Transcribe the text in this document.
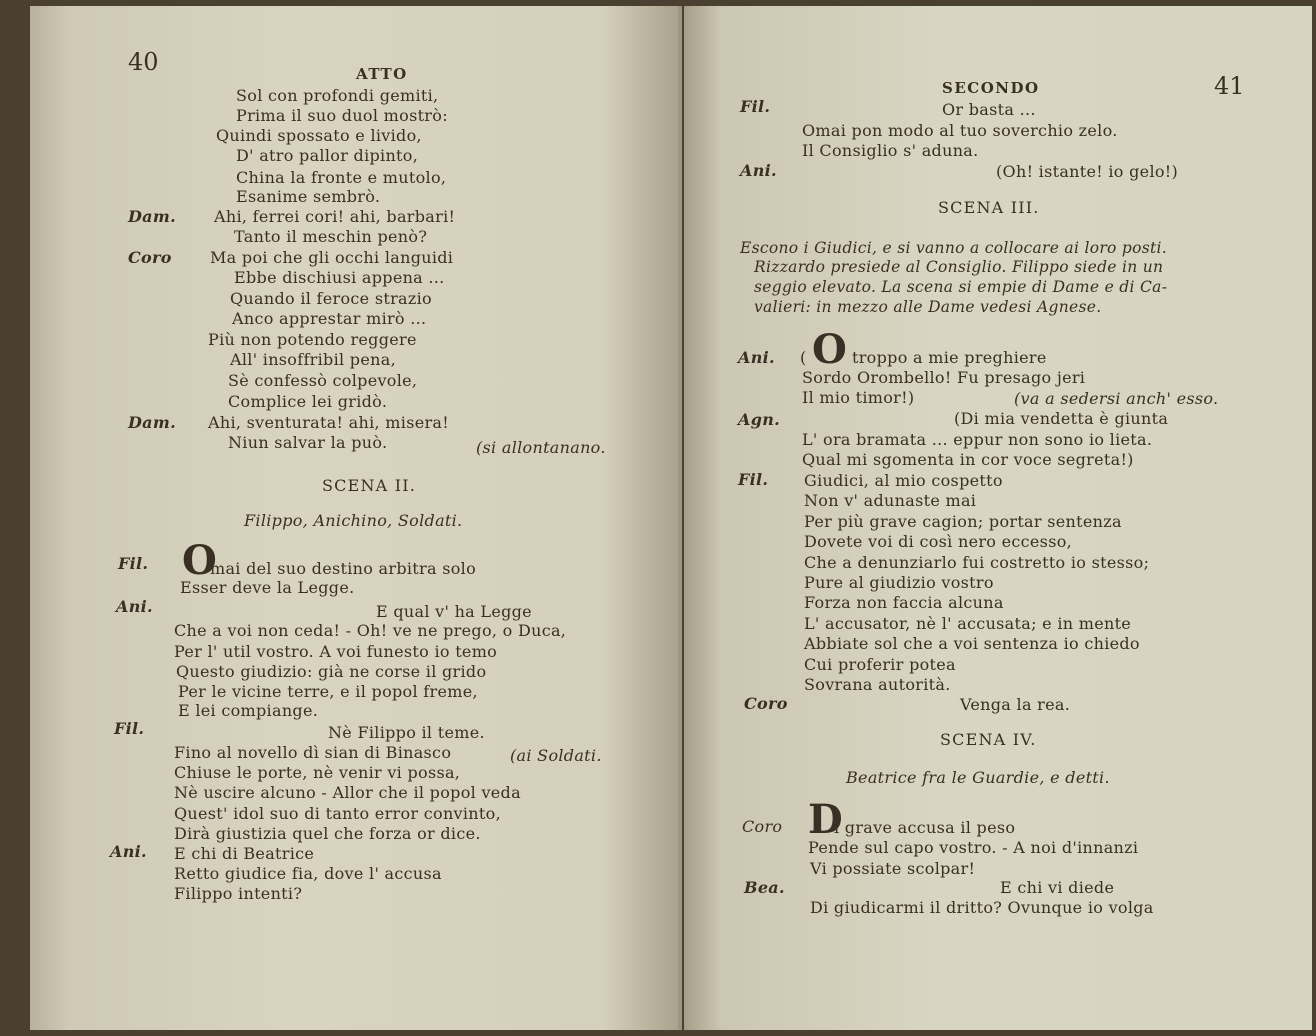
40	ATTO
(si allontanano.
SCENA II.
Filippo, Anichino, Soldati.
Fil. O
mai del suo destino arbitra solo
Esser deve la Legge.
Ani.	E qual v' ha Legge
Che a voi non ceda! - Oh! ve ne prego, o Duca,
Per l' util vostro. A voi funesto io temo
Questo giudizio: già ne corse il grido
Per le vicine terre, e il popol freme,
E lei compiange.
Fil.	Nè Filippo il teme.
Fino al novello dì sian di Binasco	(ai Soldati.
Chiuse le porte, nè venir vi possa,
Nè uscire alcuno - Allor che il popol veda
Quest' idol suo di tanto error convinto,
Dirà giustizia quel che forza or dice.
Ani. E chi di Beatrice
Retto giudice fia, dove l' accusa
Filippo intenti?
Sol con profondi gemiti,
Prima il suo duol mostrò:
Quindi spossato e livido,
D' atro pallor dipinto,
China la fronte e mutolo,
Esanime sembrò.
Dam. Ahi, ferrei cori! ahi, barbari!
Tanto il meschin penò?
Coro Ma poi che gli occhi languidi
Ebbe dischiusi appena ...
Quando il feroce strazio
Anco apprestar mirò ...
Più non potendo reggere
All' insoffribil pena,
Sè confessò colpevole,
Complice lei gridò.
Dam. Ahi, sventurata! ahi, misera!
Niun salvar la può.
41
SECONDO
Fil.	Or basta ...
Omai pon modo al tuo soverchio zelo.
Il Consiglio s' aduna.
Ani.	(Oh! istante! io gelo!)
SCENA III.
Escono i Giudici, e si vanno a collocare ai loro posti.
Rizzardo presiede al Consiglio. Filippo siede in un
seggio elevato. La scena si empie di Dame e di Ca-
valieri: in mezzo alle Dame vedesi Agnese.
Ani. ( O troppo a mie preghiere
Sordo Orombello! Fu presago jeri
Il mio timor!)	(va a sedersi anch' esso.
Agn.	(Di mia vendetta è giunta
L' ora bramata ... eppur non sono io lieta.
Qual mi sgomenta in cor voce segreta!)
Fil.
Coro	Venga la rea.
SCENA IV.
Beatrice fra le Guardie, e detti.
Coro D
i grave accusa il peso
Pende sul capo vostro. - A noi d'innanzi
Vi possiate scolpar!
Bea.	E chi vi diede
Di giudicarmi il dritto? Ovunque io volga
Giudici, al mio cospetto
Non v' adunaste mai
Per più grave cagion; portar sentenza
Dovete voi di così nero eccesso,
Che a denunziarlo fui costretto io stesso;
Pure al giudizio vostro
Forza non faccia alcuna
L' accusator, nè l' accusata; e in mente
Abbiate sol che a voi sentenza io chiedo
Cui proferir potea
Sovrana autorità.
